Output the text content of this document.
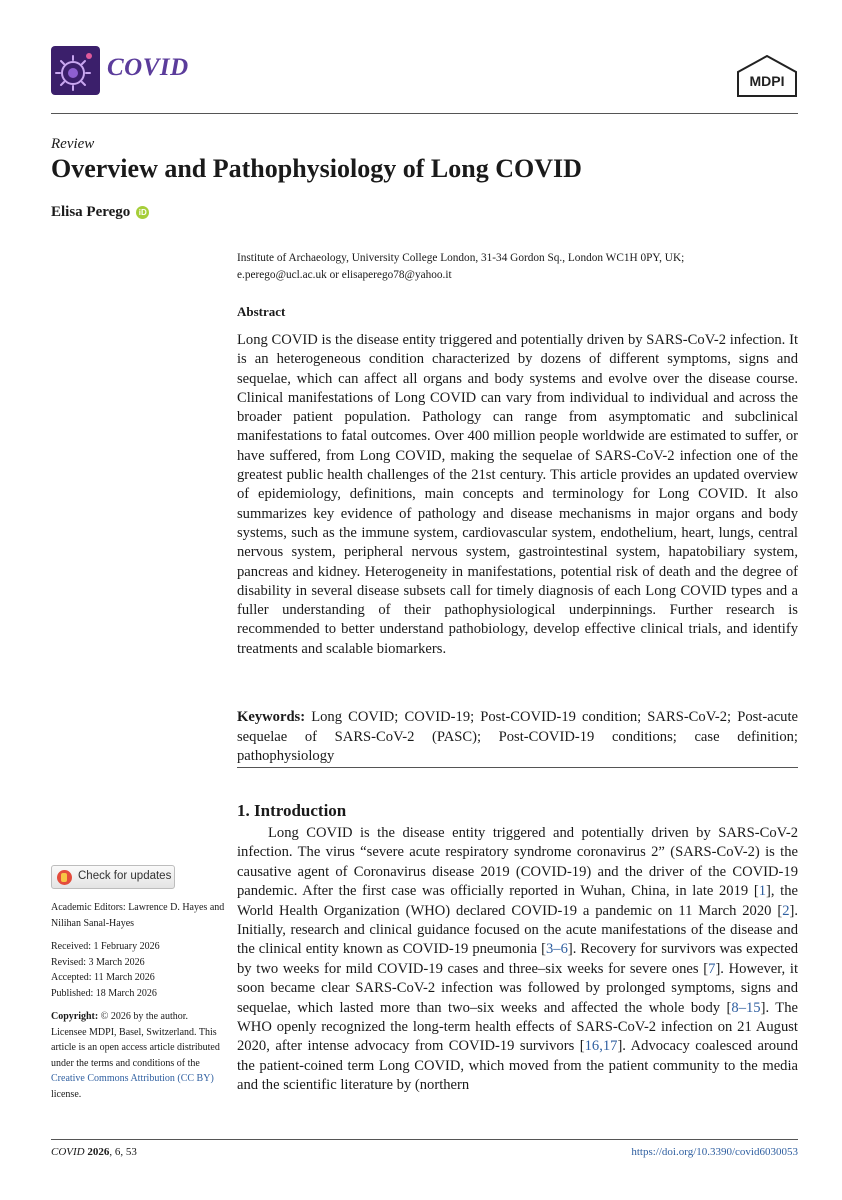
COVID	MDPI
Review
Overview and Pathophysiology of Long COVID
Elisa Perego	iD
Institute of Archaeology, University College London, 31-34 Gordon Sq., London WC1H 0PY, UK;
e.perego@ucl.ac.uk or elisaperego78@yahoo.it
Abstract
Long COVID is the disease entity triggered and potentially driven by SARS-CoV-2 infection. It is an heterogeneous condition characterized by dozens of different symptoms, signs and sequelae, which can affect all organs and body systems and evolve over the disease course. Clinical manifestations of Long COVID can vary from individual to individual and across the broader patient population. Pathology can range from asymptomatic and subclinical manifestations to fatal outcomes. Over 400 million people worldwide are estimated to suffer, or have suffered, from Long COVID, making the sequelae of SARS-CoV-2 infection one of the greatest public health challenges of the 21st century. This article provides an updated overview of epidemiology, definitions, main concepts and terminology for Long COVID. It also summarizes key evidence of pathology and disease mechanisms in major organs and body systems, such as the immune system, cardiovascular system, endothelium, heart, lungs, central nervous system, peripheral nervous system, gastrointestinal system, hapatobiliary system, pancreas and kidney. Heterogeneity in manifestations, potential risk of death and the degree of disability in several disease subsets call for timely diagnosis of each Long COVID types and a fuller understanding of their pathophysiological underpinnings. Further research is recommended to better understand pathobiology, develop effective clinical trials, and identify treatments and scalable biomarkers.
Keywords: Long COVID; COVID-19; Post-COVID-19 condition; SARS-CoV-2; Post-acute sequelae of SARS-CoV-2 (PASC); Post-COVID-19 conditions; case definition; pathophysiology
1. Introduction
Long COVID is the disease entity triggered and potentially driven by SARS-CoV-2 infection. The virus “severe acute respiratory syndrome coronavirus 2” (SARS-CoV-2) is the causative agent of Coronavirus disease 2019 (COVID-19) and the driver of the COVID-19 pandemic. After the first case was officially reported in Wuhan, China, in late 2019 [1], the World Health Organization (WHO) declared COVID-19 a pandemic on 11 March 2020 [2]. Initially, research and clinical guidance focused on the acute manifestations of the disease and the clinical entity known as COVID-19 pneumonia [3–6]. Recovery for survivors was expected by two weeks for mild COVID-19 cases and three–six weeks for severe ones [7]. However, it soon became clear SARS-CoV-2 infection was followed by prolonged symptoms, signs and sequelae, which lasted more than two–six weeks and affected the whole body [8–15]. The WHO openly recognized the long-term health effects of SARS-CoV-2 infection on 21 August 2020, after intense advocacy from COVID-19 survivors [16,17]. Advocacy coalesced around the patient-coined term Long COVID, which moved from the patient community to the media and the scientific literature by (northern
Check for updates

Academic Editors: Lawrence D. Hayes and Nilihan Sanal-Hayes

Received: 1 February 2026

Revised: 3 March 2026

Accepted: 11 March 2026

Published: 18 March 2026

Copyright: © 2026 by the author. Licensee MDPI, Basel, Switzerland. This article is an open access article distributed under the terms and conditions of the Creative Commons Attribution (CC BY) license.

COVID 2026, 6, 53	https://doi.org/10.3390/covid6030053
